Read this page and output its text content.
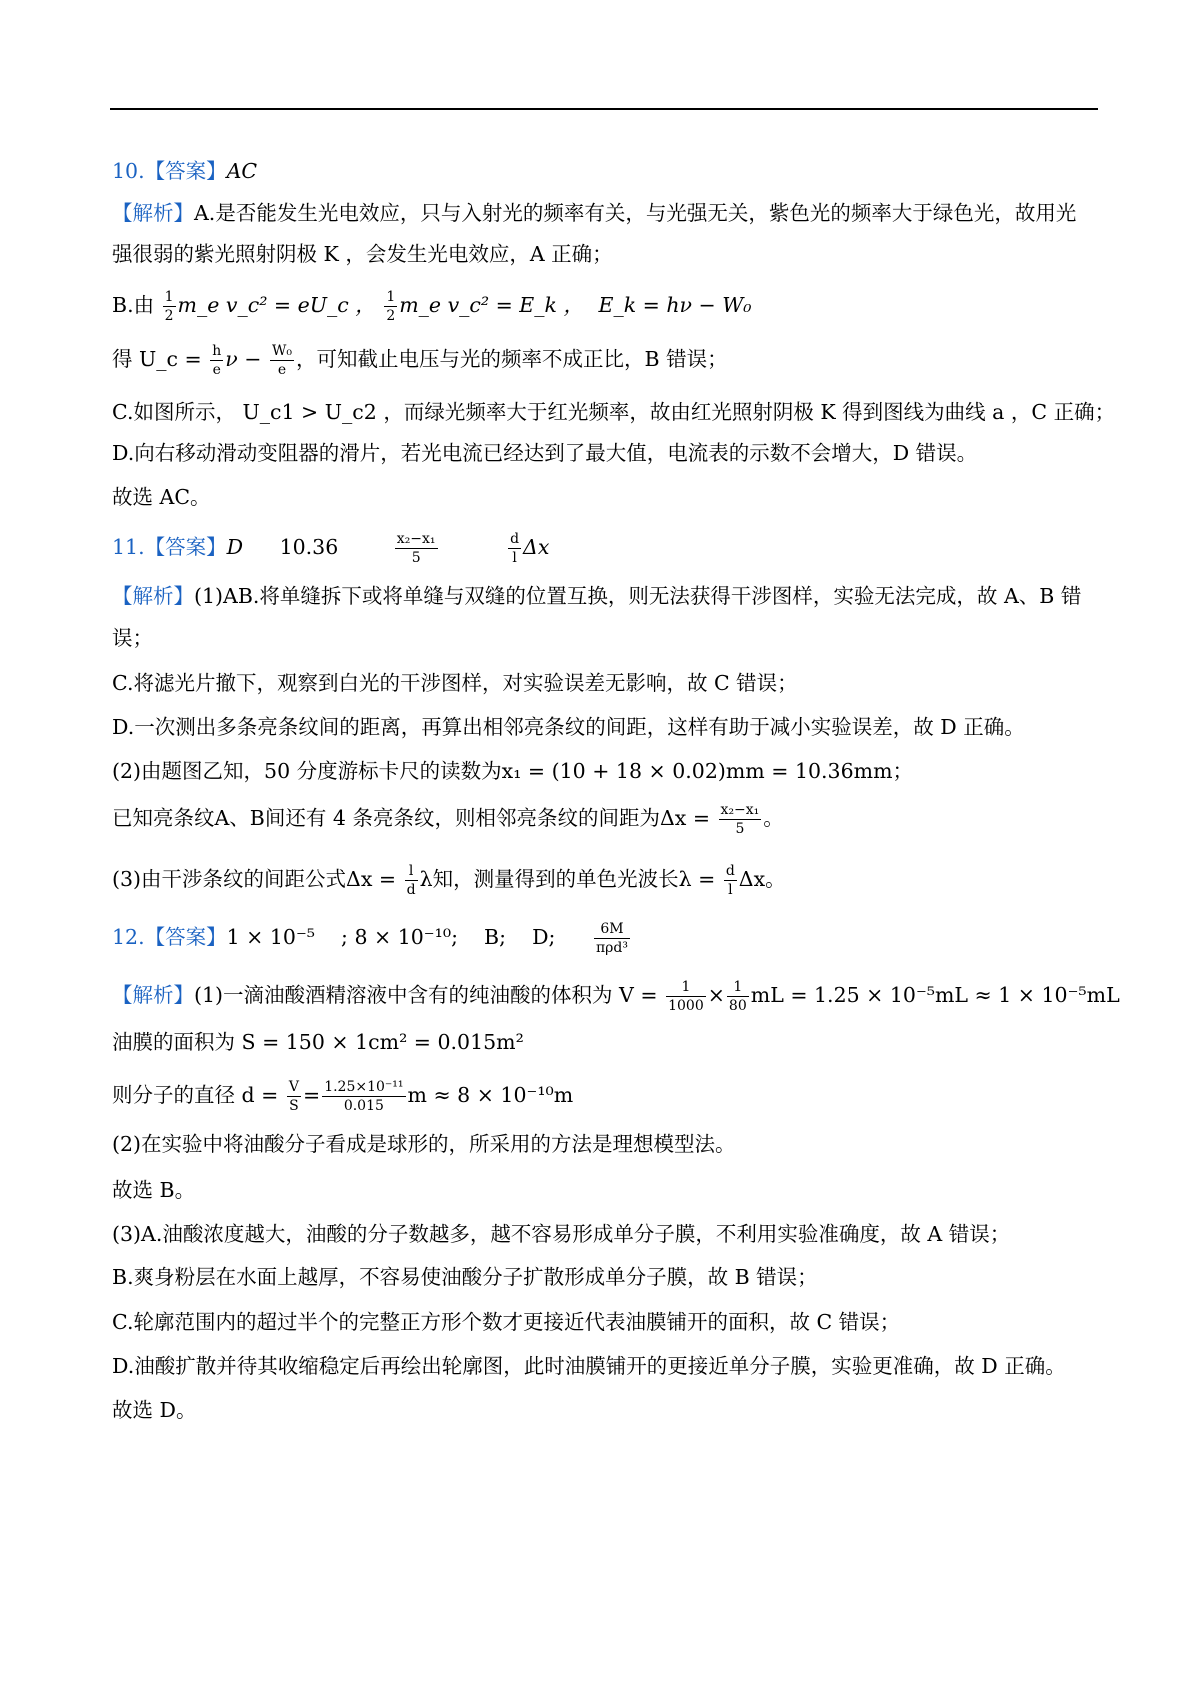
10.【答案】AC
【解析】A.是否能发生光电效应，只与入射光的频率有关，与光强无关，紫色光的频率大于绿色光，故用光
强很弱的紫光照射阴极 K ，会发生光电效应，A 正确；
B.由 $\frac{1}{2}$ m_e v_c² = eU_c ， $\frac{1}{2}$ m_e v_c² = E_k ， E_k = hν − W₀
得 U_c = $\frac{h}{e}$ $\nu - \frac{\text{W₀}}{e}$ ，可知截止电压与光的频率不成正比，B 错误；
C.如图所示， U_c1 > U_c2 ，而绿光频率大于红光频率，故由红光照射阴极 K 得到图线为曲线 a ，C 正确；
D.向右移动滑动变阻器的滑片，若光电流已经达到了最大值，电流表的示数不会增大，D 错误。
故选 AC。
11.【答案】D 10.36	$\frac{\text{x₂−x₁}}{5}$
	$\frac{d}{l}$ Δx
【解析】(1)AB.将单缝拆下或将单缝与双缝的位置互换，则无法获得干涉图样，实验无法完成，故 A、B 错
误；
C.将滤光片撤下，观察到白光的干涉图样，对实验误差无影响，故 C 错误；
D.一次测出多条亮条纹间的距离，再算出相邻亮条纹的间距，这样有助于减小实验误差，故 D 正确。
(2)由题图乙知，50 分度游标卡尺的读数为x₁ = (10 + 18 × 0.02)mm = 10.36mm；
已知亮条纹A、B间还有 4 条亮条纹，则相邻亮条纹的间距为$\Delta x = \frac{\text{x₂−x₁}}{5}$ 。
(3)由干涉条纹的间距公式$\Delta x = \frac{l}{d}$ λ知，测量得到的单色光波长$\lambda = \frac{d}{l}$ Δx。
12.【答案】1 × 10⁻⁵    ; 8 × 10⁻¹⁰;    B;    D;	$\frac{6M}{\text{πρd³}}$
【解析】(1)一滴油酸酒精溶液中含有的纯油酸的体积为 $V = \frac{1}{1000} \times \frac{1}{80}$ mL = 1.25 × 10⁻⁵mL ≈ 1 × 10⁻⁵mL
油膜的面积为 S = 150 × 1cm² = 0.015m²
则分子的直径 $d = \frac{V}{S} = \frac{\text{1.25×10⁻¹¹}}{0.015}$ m ≈ 8 × 10⁻¹⁰m
(2)在实验中将油酸分子看成是球形的，所采用的方法是理想模型法。
故选 B。
(3)A.油酸浓度越大，油酸的分子数越多，越不容易形成单分子膜，不利用实验准确度，故 A 错误；
B.爽身粉层在水面上越厚，不容易使油酸分子扩散形成单分子膜，故 B 错误；
C.轮廓范围内的超过半个的完整正方形个数才更接近代表油膜铺开的面积，故 C 错误；
D.油酸扩散并待其收缩稳定后再绘出轮廓图，此时油膜铺开的更接近单分子膜，实验更准确，故 D 正确。
故选 D。
